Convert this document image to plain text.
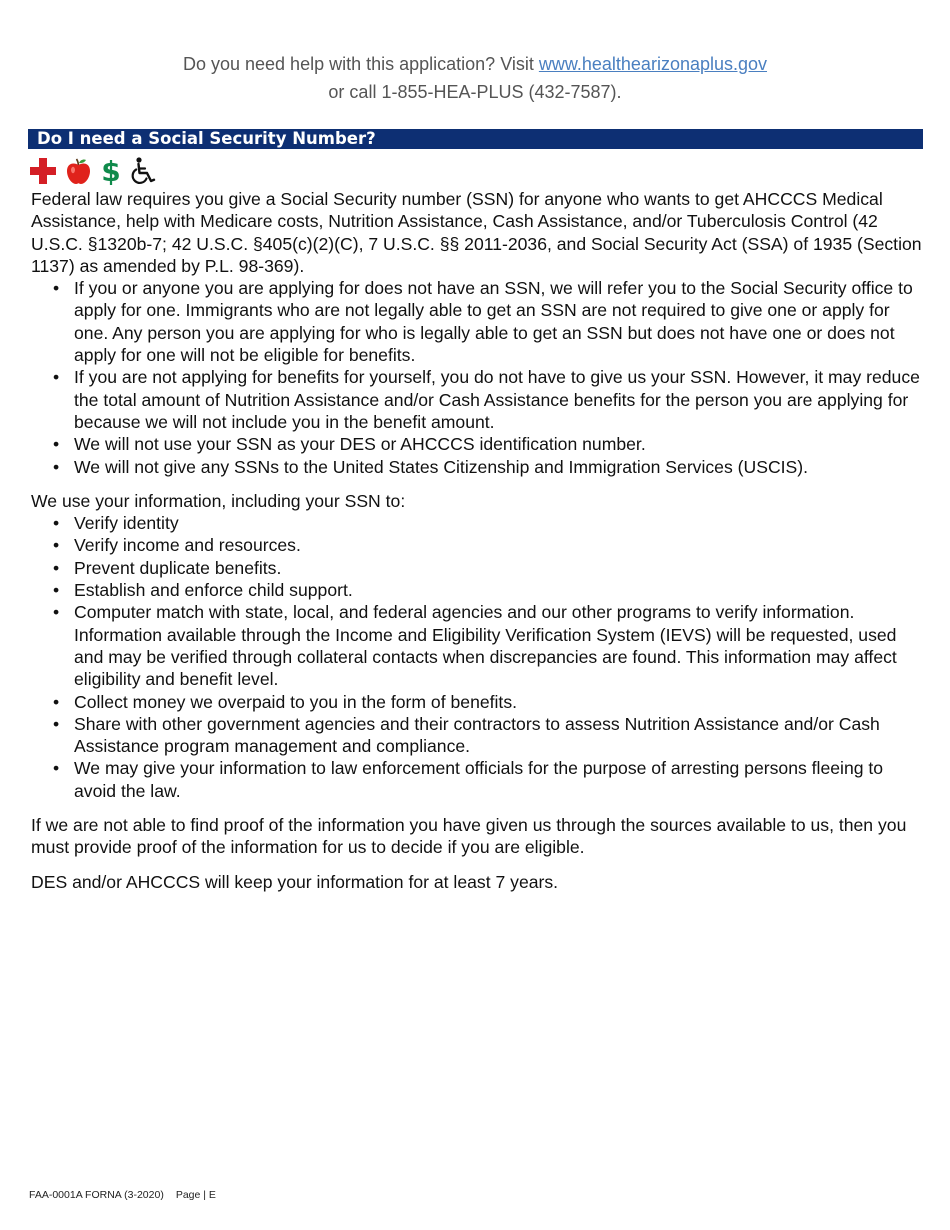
Do you need help with this application? Visit www.healthearizonaplus.gov
or call 1-855-HEA-PLUS (432-7587).
Do I need a Social Security Number?
$

Federal law requires you give a Social Security number (SSN) for anyone who wants to get AHCCCS Medical Assistance, help with Medicare costs, Nutrition Assistance, Cash Assistance, and/or Tuberculosis Control (42 U.S.C. §1320b-7; 42 U.S.C. §405(c)(2)(C), 7 U.S.C. §§ 2011-2036, and Social Security Act (SSA) of 1935 (Section 1137) as amended by P.L. 98-369).

• If you or anyone you are applying for does not have an SSN, we will refer you to the Social Security office to apply for one. Immigrants who are not legally able to get an SSN are not required to give one or apply for one. Any person you are applying for who is legally able to get an SSN but does not have one or does not apply for one will not be eligible for benefits.
• If you are not applying for benefits for yourself, you do not have to give us your SSN. However, it may reduce the total amount of Nutrition Assistance and/or Cash Assistance benefits for the person you are applying for because we will not include you in the benefit amount.
• We will not use your SSN as your DES or AHCCCS identification number.
• We will not give any SSNs to the United States Citizenship and Immigration Services (USCIS).

We use your information, including your SSN to:

• Verify identity
• Verify income and resources.
• Prevent duplicate benefits.
• Establish and enforce child support.
• Computer match with state, local, and federal agencies and our other programs to verify information. Information available through the Income and Eligibility Verification System (IEVS) will be requested, used and may be verified through collateral contacts when discrepancies are found. This information may affect eligibility and benefit level.
• Collect money we overpaid to you in the form of benefits.
• Share with other government agencies and their contractors to assess Nutrition Assistance and/or Cash Assistance program management and compliance.
• We may give your information to law enforcement officials for the purpose of arresting persons fleeing to avoid the law.

If we are not able to find proof of the information you have given us through the sources available to us, then you must provide proof of the information for us to decide if you are eligible.

DES and/or AHCCCS will keep your information for at least 7 years.

FAA-0001A FORNA (3-2020) Page | E
